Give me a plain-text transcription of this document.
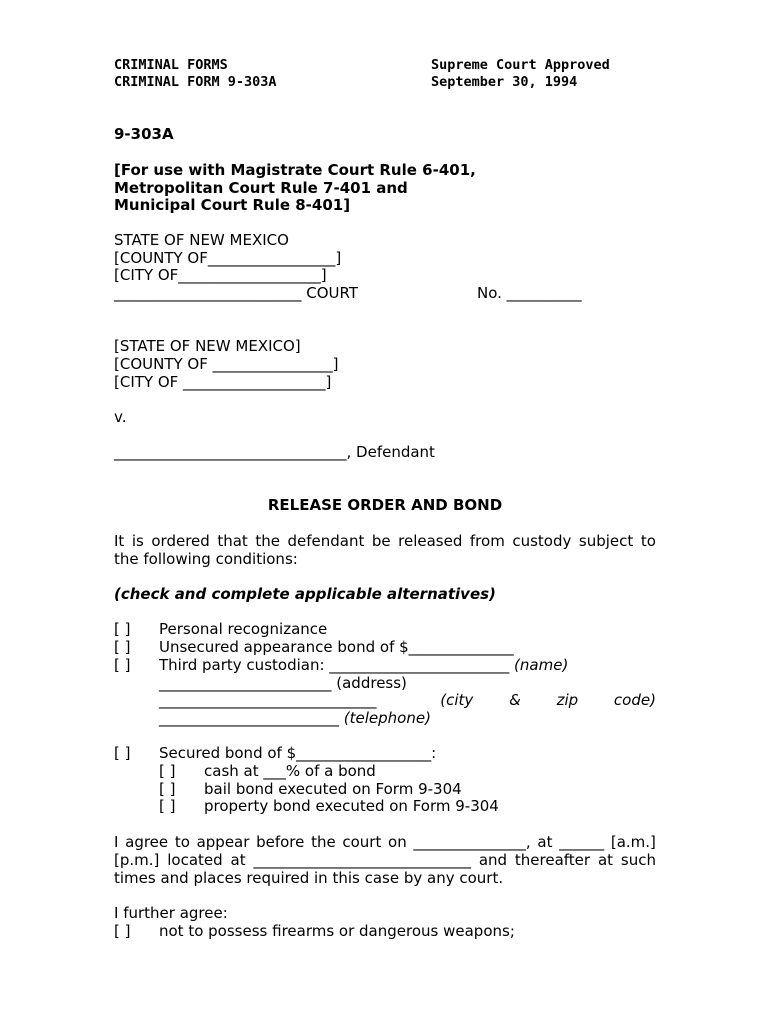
CRIMINAL FORMS
CRIMINAL FORM 9-303A
Supreme Court Approved
September 30, 1994
9-303A
[For use with Magistrate Court Rule 6-401,
Metropolitan Court Rule 7-401 and
Municipal Court Rule 8-401]
STATE OF NEW MEXICO
[COUNTY OF_________________]
[CITY OF___________________]
_________________________ COURT	No. __________
[STATE OF NEW MEXICO]
[COUNTY OF ________________]
[CITY OF ___________________]
v.
_______________________________, Defendant
RELEASE ORDER AND BOND
It is ordered that the defendant be released from custody subject to
the following conditions:
(check and complete applicable alternatives)
[ ] Personal recognizance
[ ] Unsecured appearance bond of $______________
[ ] Third party custodian: ________________________ (name)
_______________________ (address)
_____________________________	(city & zip code)
________________________ (telephone)
[ ] Secured bond of $__________________:
[ ] cash at ___% of a bond
[ ] bail bond executed on Form 9-304
[ ] property bond executed on Form 9-304
I agree to appear before the court on _______________, at ______ [a.m.]
[p.m.] located at _____________________________ and thereafter at such
times and places required in this case by any court.
I further agree:
[ ] not to possess firearms or dangerous weapons;
